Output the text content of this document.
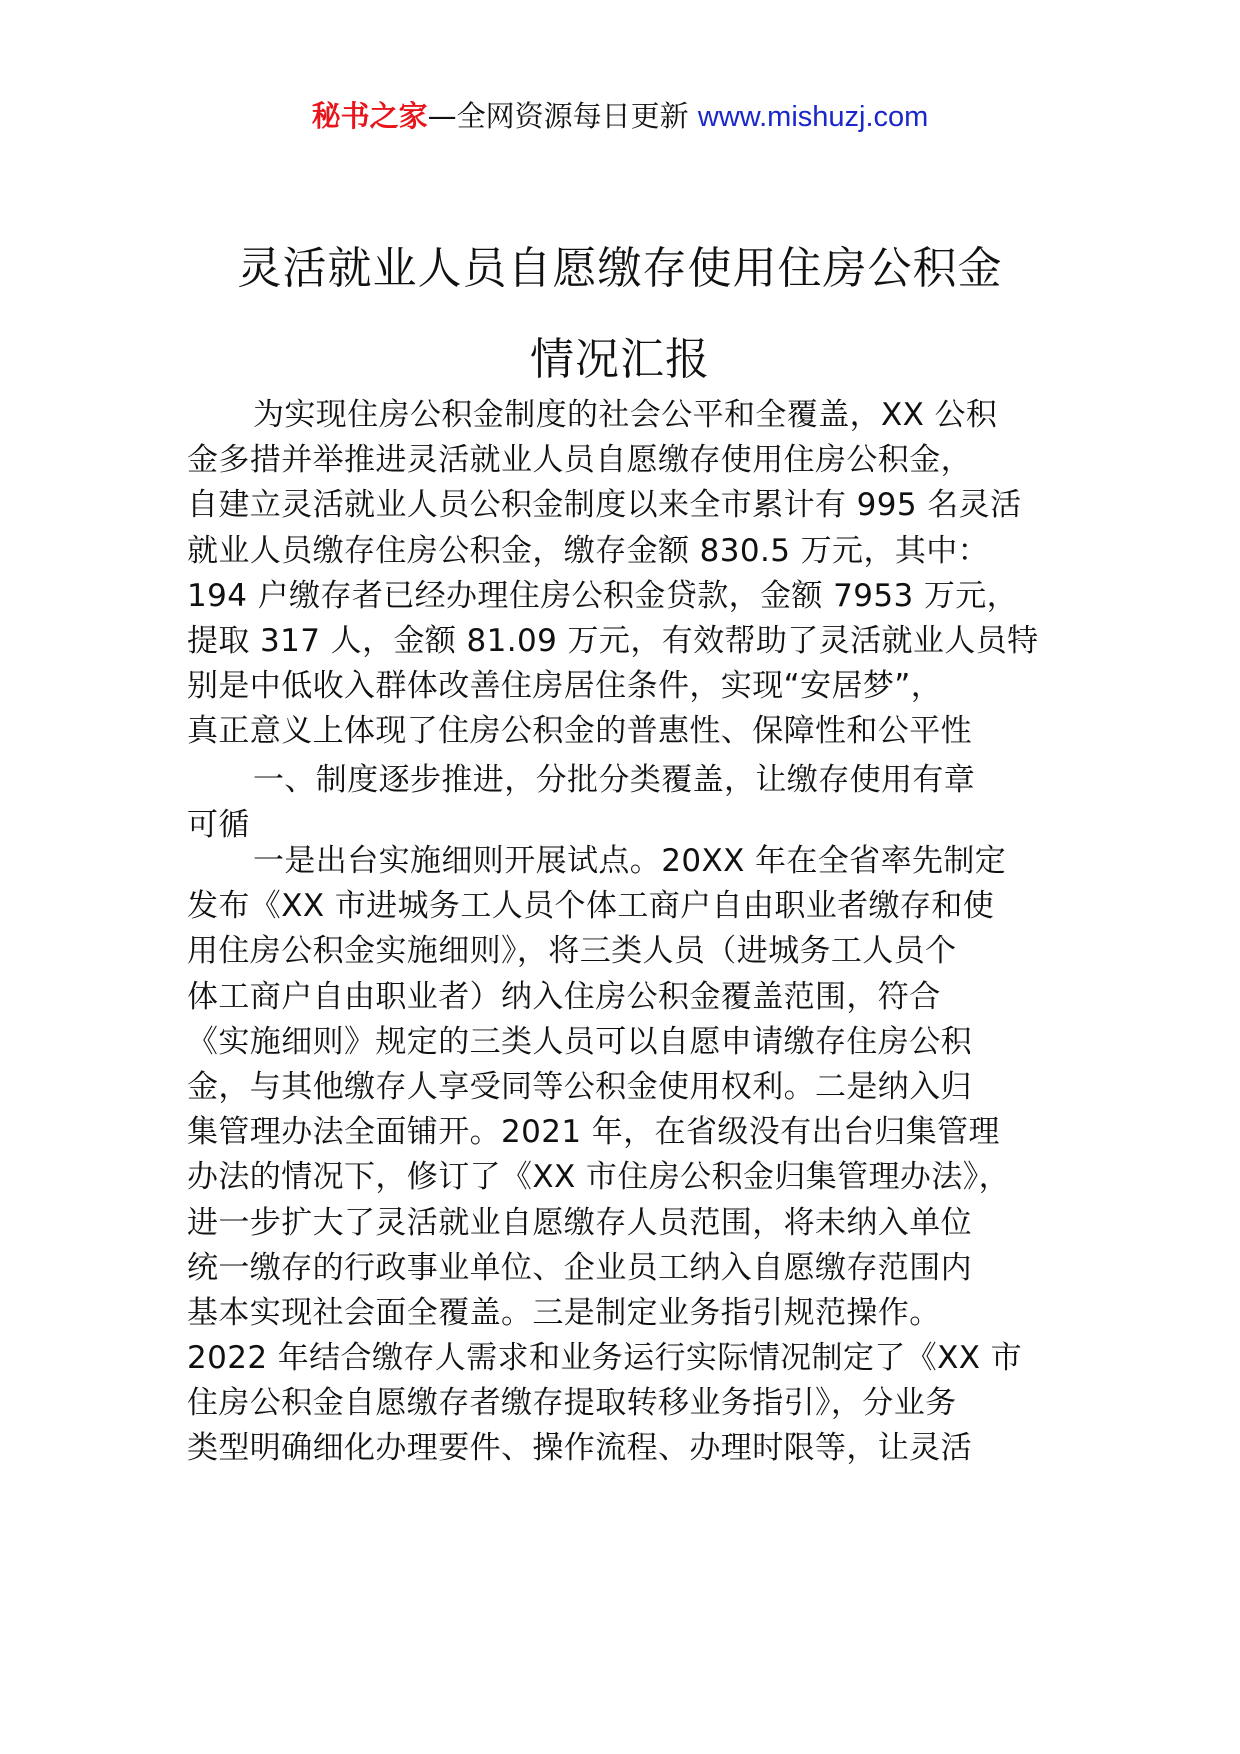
秘书之家—全网资源每日更新 www.mishuzj.com
灵活就业人员自愿缴存使用住房公积金
情况汇报
为实现住房公积金制度的社会公平和全覆盖，XX 公积
金多措并举推进灵活就业人员自愿缴存使用住房公积金，
自建立灵活就业人员公积金制度以来全市累计有 995 名灵活
就业人员缴存住房公积金，缴存金额 830.5 万元，其中：
194 户缴存者已经办理住房公积金贷款，金额 7953 万元，
提取 317 人，金额 81.09 万元，有效帮助了灵活就业人员特
别是中低收入群体改善住房居住条件，实现“安居梦”，
真正意义上体现了住房公积金的普惠性、保障性和公平性
一、制度逐步推进，分批分类覆盖，让缴存使用有章
可循
一是出台实施细则开展试点。20XX 年在全省率先制定
发布《XX 市进城务工人员个体工商户自由职业者缴存和使
用住房公积金实施细则》，将三类人员（进城务工人员个
体工商户自由职业者）纳入住房公积金覆盖范围，符合
《实施细则》规定的三类人员可以自愿申请缴存住房公积
金，与其他缴存人享受同等公积金使用权利。二是纳入归
集管理办法全面铺开。2021 年，在省级没有出台归集管理
办法的情况下，修订了《XX 市住房公积金归集管理办法》，
进一步扩大了灵活就业自愿缴存人员范围，将未纳入单位
统一缴存的行政事业单位、企业员工纳入自愿缴存范围内
基本实现社会面全覆盖。三是制定业务指引规范操作。
2022 年结合缴存人需求和业务运行实际情况制定了《XX 市
住房公积金自愿缴存者缴存提取转移业务指引》，分业务
类型明确细化办理要件、操作流程、办理时限等，让灵活
